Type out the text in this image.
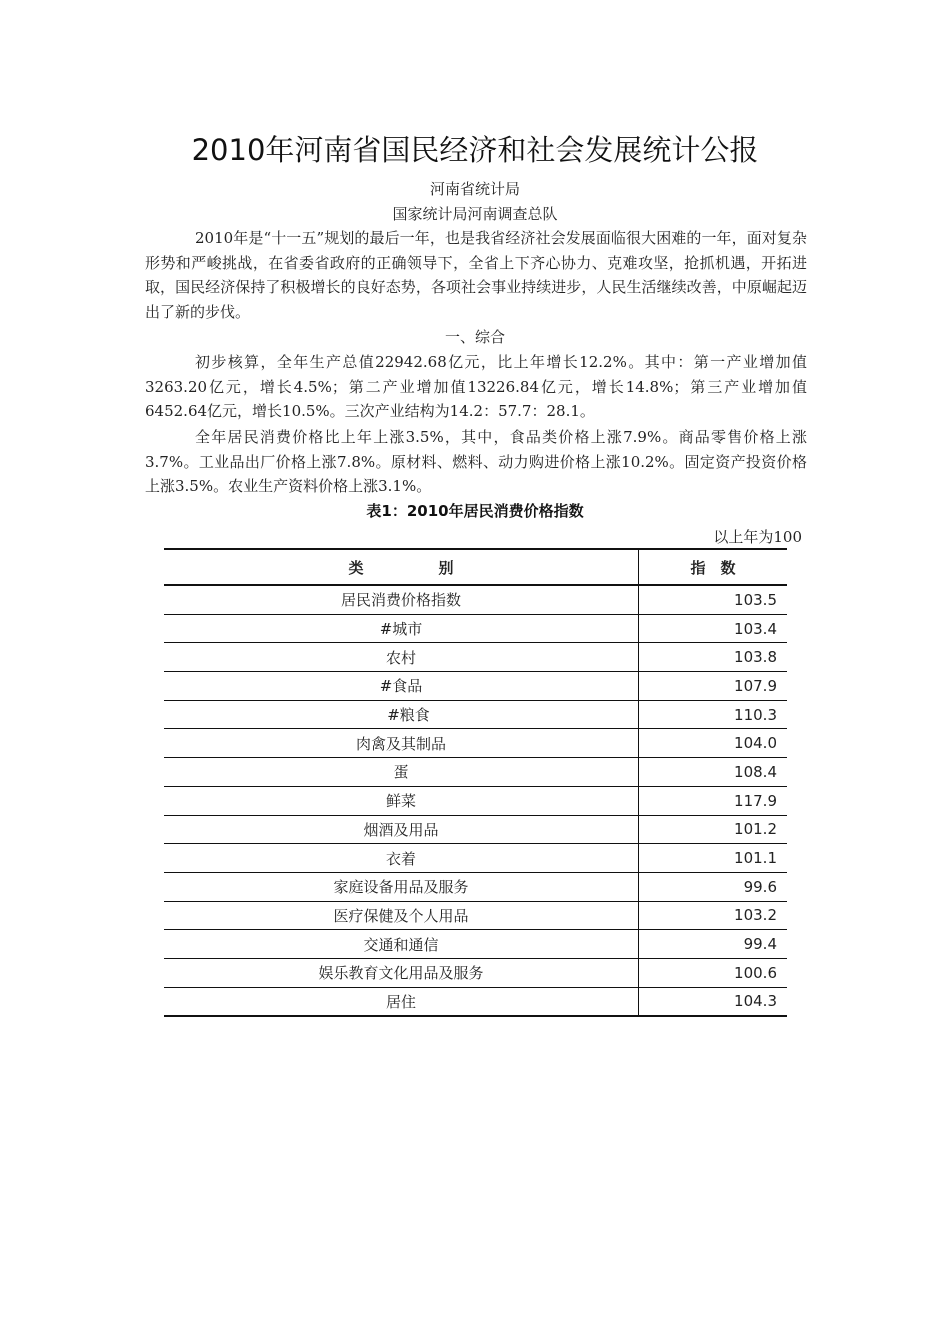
2010年河南省国民经济和社会发展统计公报
河南省统计局
国家统计局河南调查总队

2010年是“十一五”规划的最后一年，也是我省经济社会发展面临很大困难的一年，面对复杂形势和严峻挑战，在省委省政府的正确领导下，全省上下齐心协力、克难攻坚，抢抓机遇，开拓进取，国民经济保持了积极增长的良好态势，各项社会事业持续进步，人民生活继续改善，中原崛起迈出了新的步伐。

一、综合

初步核算，全年生产总值22942.68亿元，比上年增长12.2%。其中：第一产业增加值3263.20亿元，增长4.5%；第二产业增加值13226.84亿元，增长14.8%；第三产业增加值6452.64亿元，增长10.5%。三次产业结构为14.2：57.7：28.1。

全年居民消费价格比上年上涨3.5%，其中，食品类价格上涨7.9%。商品零售价格上涨3.7%。工业品出厂价格上涨7.8%。原材料、燃料、动力购进价格上涨10.2%。固定资产投资价格上涨3.5%。农业生产资料价格上涨3.1%。

表1：2010年居民消费价格指数
以上年为100
类　　　　　别	指　数
居民消费价格指数	103.5
#城市	103.4
农村	103.8
#食品	107.9
　#粮食	110.3
肉禽及其制品	104.0
蛋	108.4
鲜菜	117.9
烟酒及用品	101.2
衣着	101.1
家庭设备用品及服务	99.6
医疗保健及个人用品	103.2
交通和通信	99.4
娱乐教育文化用品及服务	100.6
居住	104.3
